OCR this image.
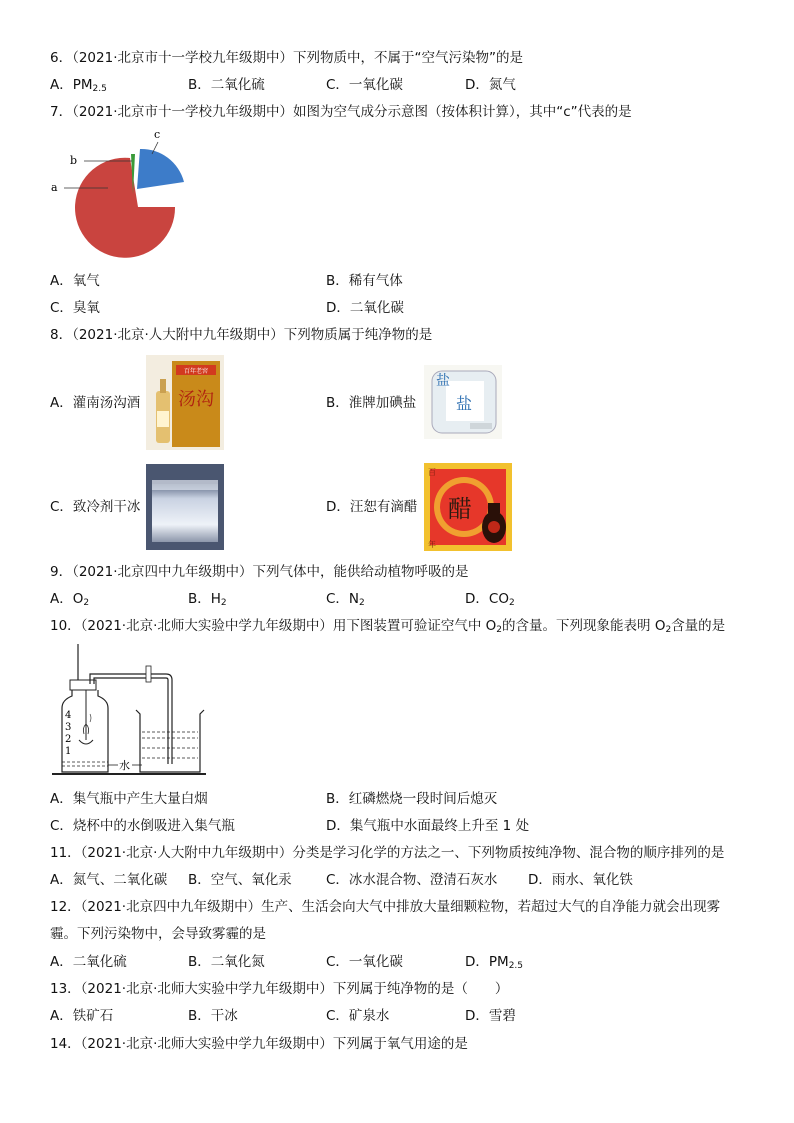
6．（2021·北京市十一学校九年级期中）下列物质中，不属于“空气污染物”的是
A．$PM_{2.5}$	B．二氧化硫	C．一氧化碳	D．氮气
7．（2021·北京市十一学校九年级期中）如图为空气成分示意图（按体积计算），其中“c”代表的是
b
a
c
A．氧气	B．稀有气体
C．臭氧	D．二氧化碳
8．（2021·北京·人大附中九年级期中）下列物质属于纯净物的是
A．灌南汤沟酒
百年老窖
汤沟	B．淮牌加碘盐
盐
盐
C．致冷剂干冰	D．汪恕有滴醋 醋
百
年
9．（2021·北京四中九年级期中）下列气体中，能供给动植物呼吸的是
A．$O_2$	B．$H_2$	C．$N_2$	D．$CO_2$
10．（2021·北京·北师大实验中学九年级期中）用下图装置可验证空气中 $O_2$的含量。下列现象能表明 $O_2$含量的是
4
3
2
1
水
A．集气瓶中产生大量白烟	B．红磷燃烧一段时间后熄灭
C．烧杯中的水倒吸进入集气瓶	D．集气瓶中水面最终上升至 1 处
11．（2021·北京·人大附中九年级期中）分类是学习化学的方法之一、下列物质按纯净物、混合物的顺序排列的是
A．氮气、二氧化碳 B．空气、氧化汞	C．冰水混合物、澄清石灰水 D．雨水、氧化铁
12．（2021·北京四中九年级期中）生产、生活会向大气中排放大量细颗粒物，若超过大气的自净能力就会出现雾
霾。下列污染物中，会导致雾霾的是
A．二氧化硫	B．二氧化氮	C．一氧化碳	D．$PM_{2.5}$
13．（2021·北京·北师大实验中学九年级期中）下列属于纯净物的是（　　）
A．铁矿石	B．干冰	C．矿泉水	D．雪碧
14．（2021·北京·北师大实验中学九年级期中）下列属于氧气用途的是
